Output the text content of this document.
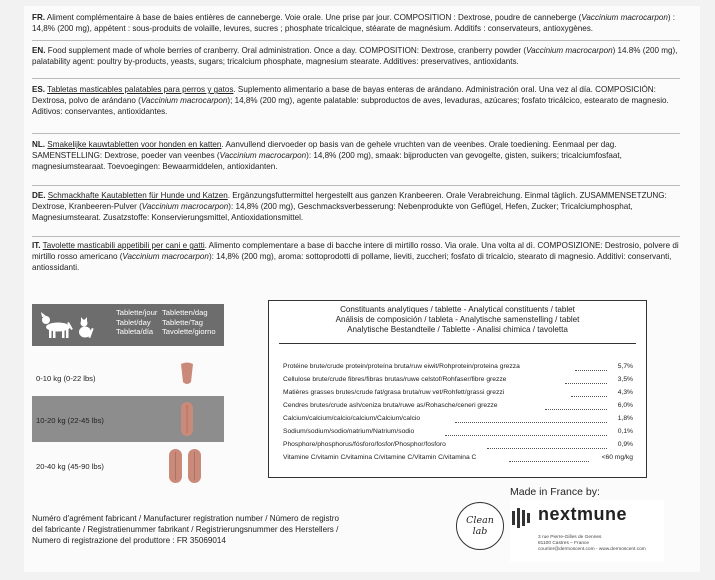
FR. Aliment complémentaire à base de baies entières de canneberge. Voie orale. Une prise par jour. COMPOSITION : Dextrose, poudre de canneberge (Vaccinium macrocarpon) : 14,8% (200 mg), appétent : sous-produits de volaille, levures, sucres ; phosphate tricalcique, stéarate de magnésium. Additifs : conservateurs, antioxygènes.
EN. Food supplement made of whole berries of cranberry. Oral administration. Once a day. COMPOSITION: Dextrose, cranberry powder (Vaccinium macrocarpon) 14.8% (200 mg), palatability agent: poultry by-products, yeasts, sugars; tricalcium phosphate, magnesium stearate. Additives: preservatives, antioxidants.
ES. Tabletas masticables palatables para perros y gatos. Suplemento alimentario a base de bayas enteras de arándano. Administración oral. Una vez al día. COMPOSICIÓN: Dextrosa, polvo de arándano (Vaccinium macrocarpon); 14,8% (200 mg), agente palatable: subproductos de aves, levaduras, azúcares; fosfato tricálcico, estearato de magnesio. Aditivos: conservantes, antioxidantes.
NL. Smakelijke kauwtabletten voor honden en katten. Aanvullend diervoeder op basis van de gehele vruchten van de veenbes. Orale toediening. Eenmaal per dag. SAMENSTELLING: Dextrose, poeder van veenbes (Vaccinium macrocarpon): 14,8% (200 mg), smaak: bijproducten van gevogelte, gisten, suikers; tricalciumfosfaat, magnesiumstearaat. Toevoegingen: Bewaarmiddelen, antioxidanten.
DE. Schmackhafte Kautabletten für Hunde und Katzen. Ergänzungsfuttermittel hergestellt aus ganzen Kranbeeren. Orale Verabreichung. Einmal täglich. ZUSAMMENSETZUNG: Dextrose, Kranbeeren-Pulver (Vaccinium macrocarpon): 14,8% (200 mg), Geschmacksverbesserung: Nebenprodukte von Geflügel, Hefen, Zucker; Tricalciumphosphat, Magnesiumstearat. Zusatzstoffe: Konservierungsmittel, Antioxidationsmittel.
IT. Tavolette masticabili appetibili per cani e gatti. Alimento complementare a base di bacche intere di mirtillo rosso. Via orale. Una volta al dì. COMPOSIZIONE: Destrosio, polvere di mirtillo rosso americano (Vaccinium macrocarpon): 14,8% (200 mg), aroma: sottoprodotti di pollame, lieviti, zuccheri; fosfato di tricalcio, stearato di magnesio. Additivi: conservanti, antiossidanti.
Tablette/jour
Tablet/day
Tableta/día
Tabletten/dag
Tablette/Tag
Tavolette/giorno
0-10 kg (0-22 lbs)
10-20 kg (22-45 lbs)
20-40 kg (45-90 lbs)
Constituants analytiques / tablette - Analytical constituents / tablet
Análisis de composición / tableta - Analytische samenstelling / tablet
Analytische Bestandteile / Tablette - Analisi chimica / tavoletta
Protéine brute/crude protein/proteína bruta/ruw eiwit/Rohprotein/proteina grezza	5,7%
Cellulose brute/crude fibres/fibras brutas/ruwe celstof/Rohfaser/fibre grezze	3,5%
Matières grasses brutes/crude fat/grasa bruta/ruw vet/Rohfett/grassi grezzi	4,3%
Cendres brutes/crude ash/ceniza bruta/ruwe as/Rohasche/ceneri grezze	6,0%
Calcium/calcium/calcio/calcium/Calcium/calcio	1,8%
Sodium/sodium/sodio/natrium/Natrium/sodio	0,1%
Phosphore/phosphorus/fósforo/fosfor/Phosphor/fosforo	0,9%
Vitamine C/vitamin C/vitamina C/vitamine C/Vitamin C/vitamina C	<60 mg/kg
Numéro d'agrément fabricant / Manufacturer registration number / Número de registro del fabricante / Registratienummer fabrikant / Registrierungsnummer des Herstellers / Numero di registrazione del produttore : FR 35069014
Clean
lab
Made in France by:
nextmune
3 rue Pierre-Gilles de Gennes
81100 Castres – France
courrier@dermoscent.com - www.dermoscent.com
